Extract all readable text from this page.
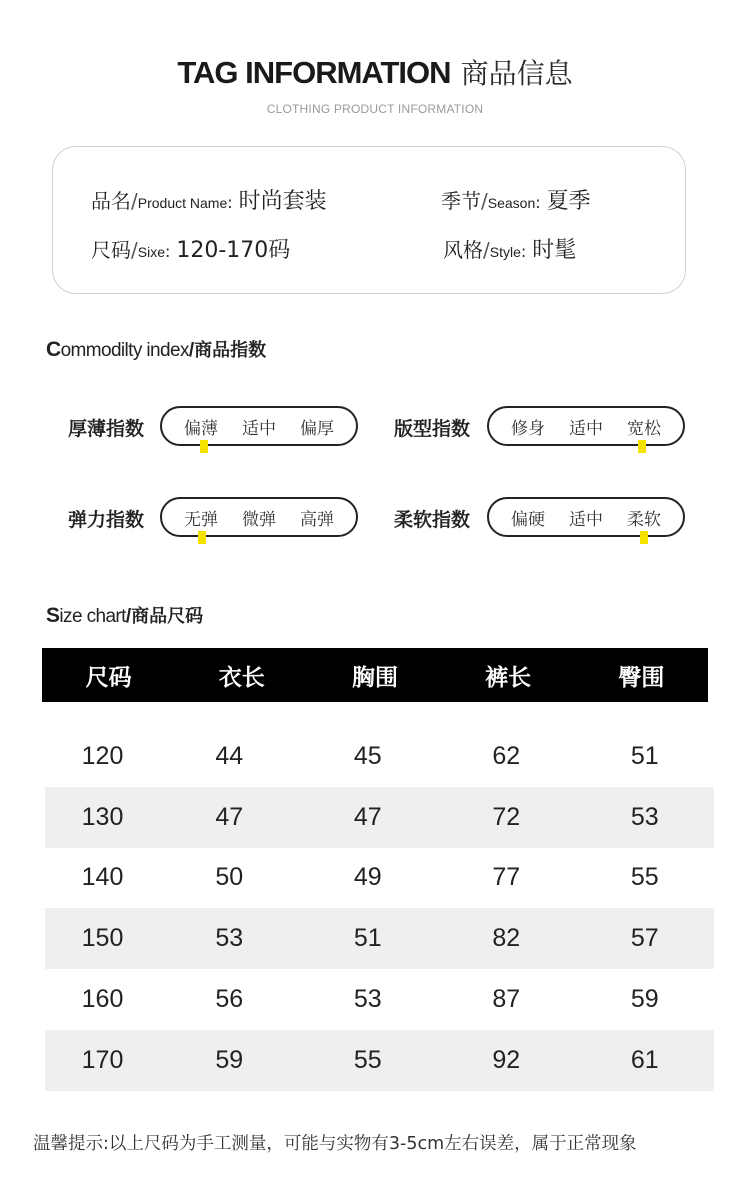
TAG INFORMATION 商品信息
CLOTHING PRODUCT INFORMATION
品名 / Product Name : 时尚套装	季节 / Season : 夏季
尺码 / Sixe : 120-170码	风格 / Style : 时髦
Commodilty index / 商品指数
厚薄指数 偏薄 适中 偏厚	版型指数 修身 适中 宽松
弹力指数 无弹 微弹 高弹	柔软指数 偏硬 适中 柔软
Size chart / 商品尺码
尺码	衣长	胸围	裤长	臀围
120	44	45	62	51
130	47	47	72	53
140	50	49	77	55
150	53	51	82	57
160	56	53	87	59
170	59	55	92	61
温馨提示:以上尺码为手工测量，可能与实物有3-5cm左右误差，属于正常现象
